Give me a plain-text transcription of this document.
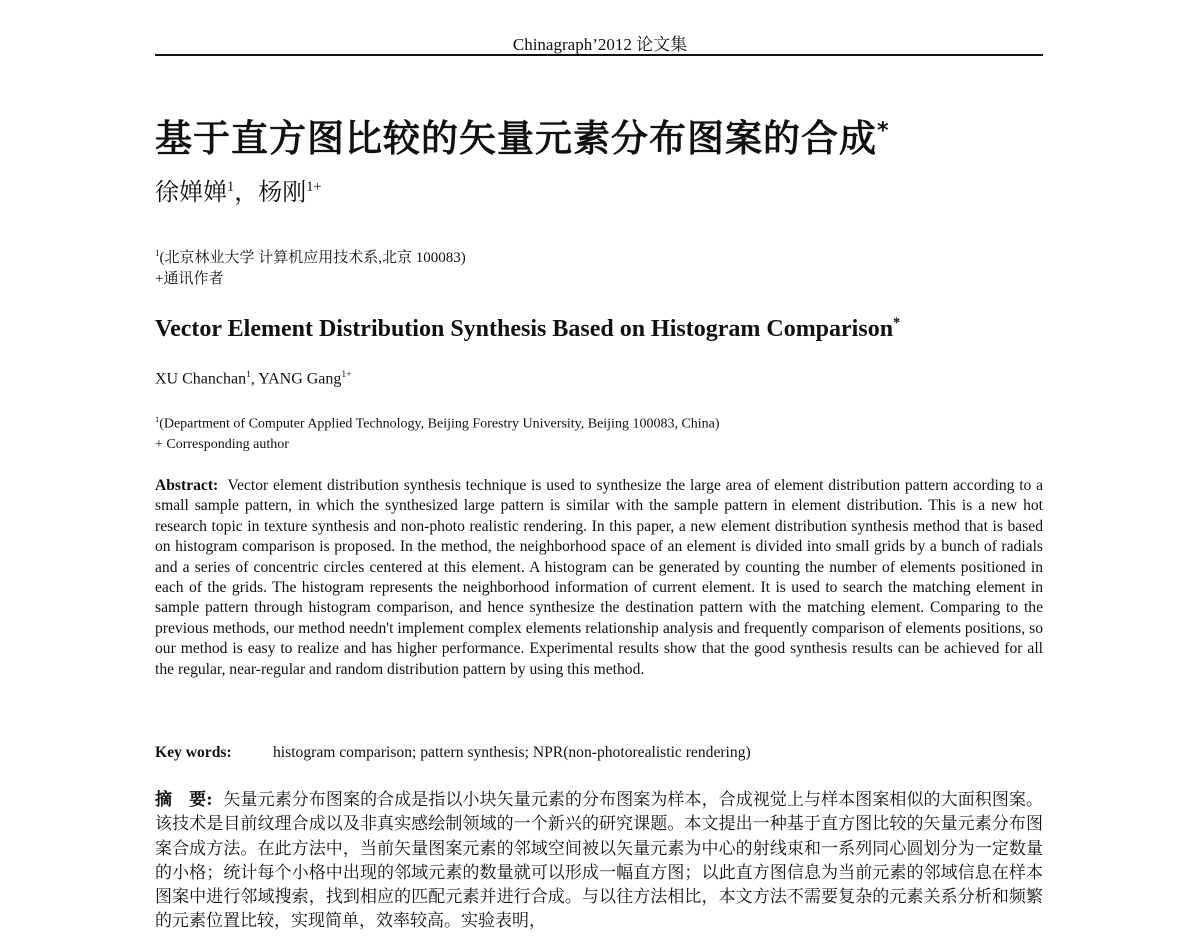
Chinagraph’2012 论文集
基于直方图比较的矢量元素分布图案的合成*
徐婵婵$^1$，杨刚$^{1+}$
$^1$(北京林业大学 计算机应用技术系,北京 100083)
+通讯作者
Vector Element Distribution Synthesis Based on Histogram Comparison*
XU Chanchan$^1$, YANG Gang$^{1+}$
$^1$(Department of Computer Applied Technology, Beijing Forestry University, Beijing 100083, China)
+ Corresponding author
Abstract: Vector element distribution synthesis technique is used to synthesize the large area of element distribution pattern according to a small sample pattern, in which the synthesized large pattern is similar with the sample pattern in element distribution. This is a new hot research topic in texture synthesis and non-photo realistic rendering. In this paper, a new element distribution synthesis method that is based on histogram comparison is proposed. In the method, the neighborhood space of an element is divided into small grids by a bunch of radials and a series of concentric circles centered at this element. A histogram can be generated by counting the number of elements positioned in each of the grids. The histogram represents the neighborhood information of current element. It is used to search the matching element in sample pattern through histogram comparison, and hence synthesize the destination pattern with the matching element. Comparing to the previous methods, our method needn't implement complex elements relationship analysis and frequently comparison of elements positions, so our method is easy to realize and has higher performance. Experimental results show that the good synthesis results can be achieved for all the regular, near-regular and random distribution pattern by using this method.
Key words:	histogram comparison; pattern synthesis; NPR(non-photorealistic rendering)
摘　要: 矢量元素分布图案的合成是指以小块矢量元素的分布图案为样本，合成视觉上与样本图案相似的大面积图案。该技术是目前纹理合成以及非真实感绘制领域的一个新兴的研究课题。本文提出一种基于直方图比较的矢量元素分布图案合成方法。在此方法中，当前矢量图案元素的邻域空间被以矢量元素为中心的射线束和一系列同心圆划分为一定数量的小格；统计每个小格中出现的邻域元素的数量就可以形成一幅直方图；以此直方图信息为当前元素的邻域信息在样本图案中进行邻域搜索，找到相应的匹配元素并进行合成。与以往方法相比，本文方法不需要复杂的元素关系分析和频繁的元素位置比较，实现简单，效率较高。实验表明，
